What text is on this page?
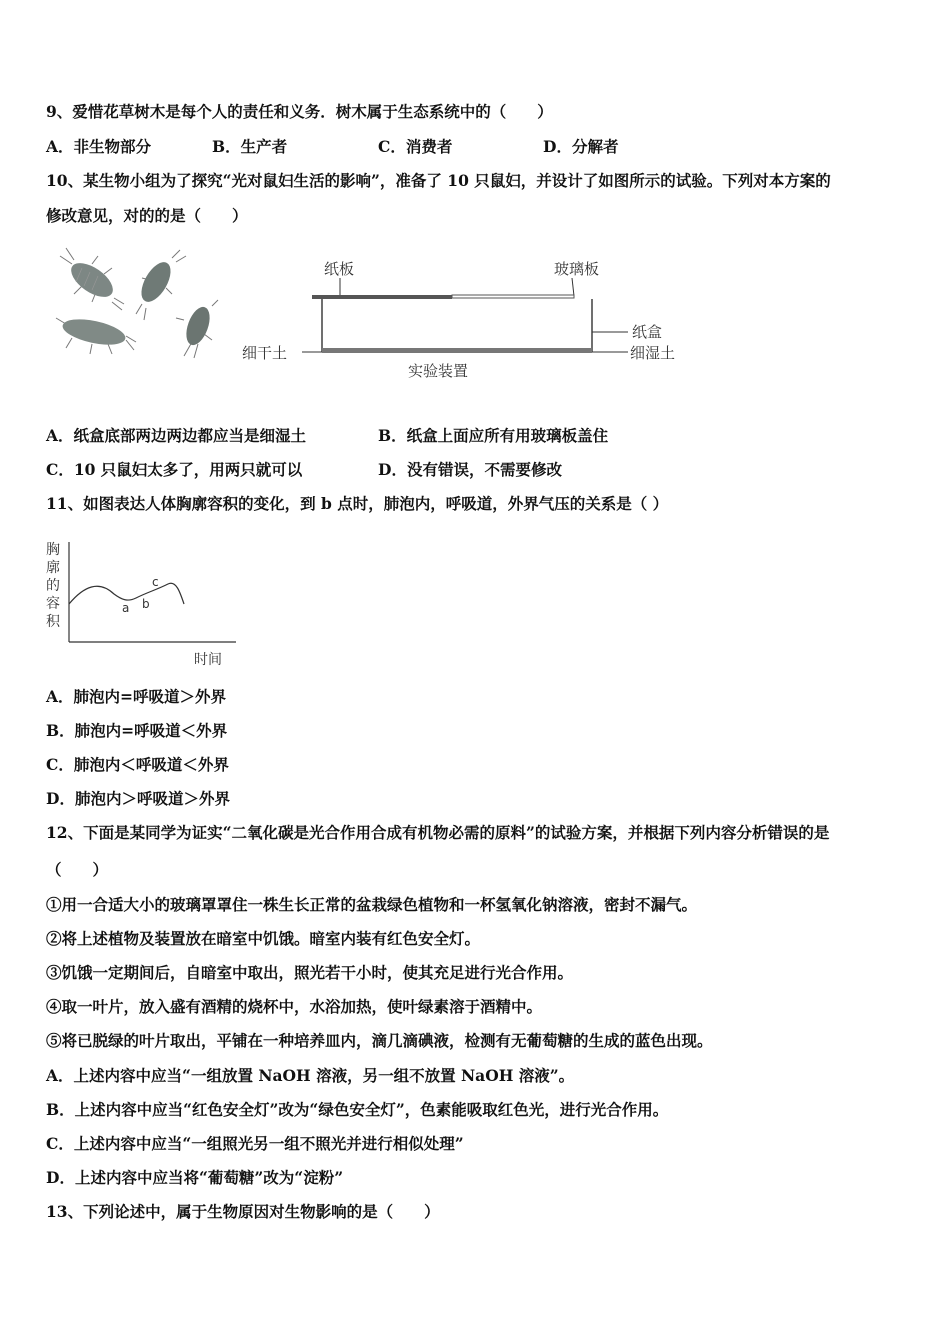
9、爱惜花草树木是每个人的责任和义务．树木属于生态系统中的（　　）
A．非生物部分	B．生产者	C．消费者	D．分解者
10、某生物小组为了探究“光对鼠妇生活的影响”，准备了 10 只鼠妇，并设计了如图所示的试验。下列对本方案的
修改意见，对的的是（　　）
纸板	玻璃板
纸盒
细干土	细湿土
实验装置
A．纸盒底部两边两边都应当是细湿土	B．纸盒上面应所有用玻璃板盖住
C．10 只鼠妇太多了，用两只就可以	D．没有错误，不需要修改
11、如图表达人体胸廓容积的变化，到 b 点时，肺泡内，呼吸道，外界气压的关系是（ ）
胸
廓
的
容
积
a b
c
时间
A．肺泡内=呼吸道＞外界
B．肺泡内=呼吸道＜外界
C．肺泡内＜呼吸道＜外界
D．肺泡内＞呼吸道＞外界
12、下面是某同学为证实“二氧化碳是光合作用合成有机物必需的原料”的试验方案，并根据下列内容分析错误的是
（　　）
①用一合适大小的玻璃罩罩住一株生长正常的盆栽绿色植物和一杯氢氧化钠溶液，密封不漏气。
②将上述植物及装置放在暗室中饥饿。暗室内装有红色安全灯。
③饥饿一定期间后，自暗室中取出，照光若干小时，使其充足进行光合作用。
④取一叶片，放入盛有酒精的烧杯中，水浴加热，使叶绿素溶于酒精中。
⑤将已脱绿的叶片取出，平铺在一种培养皿内，滴几滴碘液，检测有无葡萄糖的生成的蓝色出现。
A．上述内容中应当“一组放置 NaOH 溶液，另一组不放置 NaOH 溶液”。
B．上述内容中应当“红色安全灯”改为“绿色安全灯”，色素能吸取红色光，进行光合作用。
C．上述内容中应当“一组照光另一组不照光并进行相似处理”
D．上述内容中应当将“葡萄糖”改为“淀粉”
13、下列论述中，属于生物原因对生物影响的是（　　）
